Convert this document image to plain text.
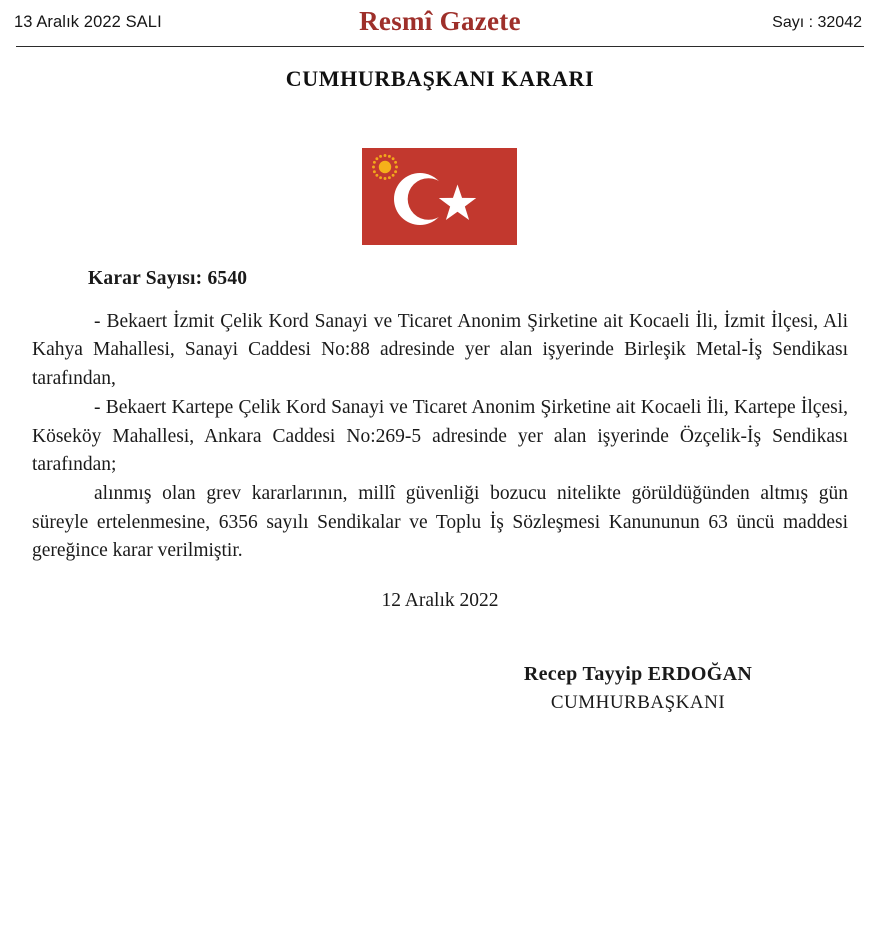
13 Aralık 2022 SALI	Resmî Gazete	Sayı : 32042
CUMHURBAŞKANI KARARI
Karar Sayısı: 6540

- Bekaert İzmit Çelik Kord Sanayi ve Ticaret Anonim Şirketine ait Kocaeli İli, İzmit İlçesi, Ali Kahya Mahallesi, Sanayi Caddesi No:88 adresinde yer alan işyerinde Birleşik Metal-İş Sendikası tarafından,

- Bekaert Kartepe Çelik Kord Sanayi ve Ticaret Anonim Şirketine ait Kocaeli İli, Kartepe İlçesi, Köseköy Mahallesi, Ankara Caddesi No:269-5 adresinde yer alan işyerinde Özçelik-İş Sendikası tarafından;

alınmış olan grev kararlarının, millî güvenliği bozucu nitelikte görüldüğünden altmış gün süreyle ertelenmesine, 6356 sayılı Sendikalar ve Toplu İş Sözleşmesi Kanununun 63 üncü maddesi gereğince karar verilmiştir.

12 Aralık 2022
Recep Tayyip ERDOĞAN
CUMHURBAŞKANI
